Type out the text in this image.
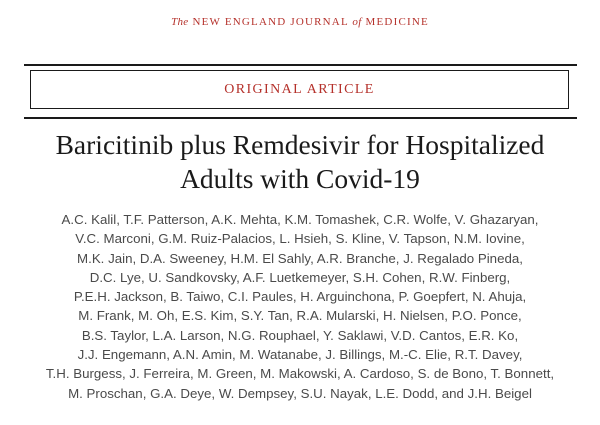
The NEW ENGLAND JOURNAL of MEDICINE
ORIGINAL ARTICLE
Baricitinib plus Remdesivir for Hospitalized
Adults with Covid-19
A.C. Kalil, T.F. Patterson, A.K. Mehta, K.M. Tomashek, C.R. Wolfe, V. Ghazaryan,
V.C. Marconi, G.M. Ruiz-Palacios, L. Hsieh, S. Kline, V. Tapson, N.M. Iovine,
M.K. Jain, D.A. Sweeney, H.M. El Sahly, A.R. Branche, J. Regalado Pineda,
D.C. Lye, U. Sandkovsky, A.F. Luetkemeyer, S.H. Cohen, R.W. Finberg,
P.E.H. Jackson, B. Taiwo, C.I. Paules, H. Arguinchona, P. Goepfert, N. Ahuja,
M. Frank, M. Oh, E.S. Kim, S.Y. Tan, R.A. Mularski, H. Nielsen, P.O. Ponce,
B.S. Taylor, L.A. Larson, N.G. Rouphael, Y. Saklawi, V.D. Cantos, E.R. Ko,
J.J. Engemann, A.N. Amin, M. Watanabe, J. Billings, M.-C. Elie, R.T. Davey,
T.H. Burgess, J. Ferreira, M. Green, M. Makowski, A. Cardoso, S. de Bono, T. Bonnett,
M. Proschan, G.A. Deye, W. Dempsey, S.U. Nayak, L.E. Dodd, and J.H. Beigel
